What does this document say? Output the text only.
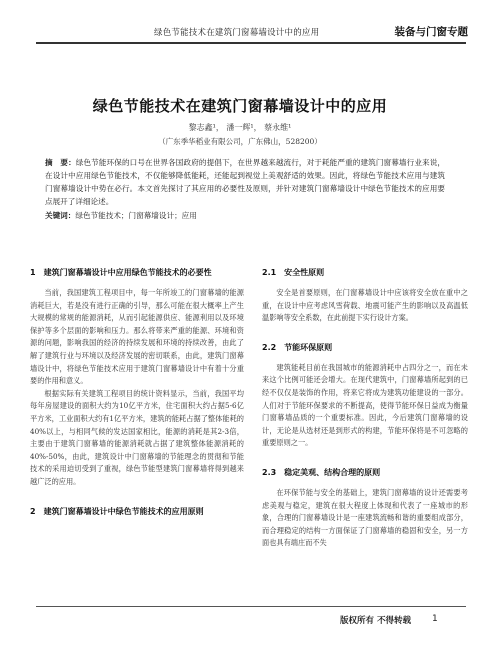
绿色节能技术在建筑门窗幕墙设计中的应用	装备与门窗专题
绿色节能技术在建筑门窗幕墙设计中的应用
黎志鑫¹， 潘一辉¹， 蔡永维¹
（广东季华稻业有限公司，广东佛山，528200）
摘　要：绿色节能环保的口号在世界各国政府的提倡下，在世界越来越流行，对于耗能严重的建筑门窗幕墙行业来说，在设计中应用绿色节能技术，不仅能够降低能耗，还能起到视觉上美观舒适的效果。因此，将绿色节能技术应用与建筑门窗幕墙设计中势在必行。本文首先探讨了其应用的必要性及原则，并针对建筑门窗幕墙设计中绿色节能技术的应用要点展开了详细论述。
关键词：绿色节能技术；门窗幕墙设计；应用
1　建筑门窗幕墙设计中应用绿色节能技术的必要性

当前，我国建筑工程项目中，每一年所竣工的门窗幕墙的能源消耗巨大，若是没有进行正确的引导，那么可能在很大概率上产生大规模的常规的能源消耗，从而引起能源供应、能源利用以及环境保护等多个层面的影响和压力。那么将带来严重的能源、环境和资源的问题，影响我国的经济的持续发展和环境的持续改善，由此了解了建筑行业与环境以及经济发展的密切联系，由此，建筑门窗幕墙设计中，将绿色节能技术应用于建筑门窗幕墙设计中有着十分重要的作用和意义。

根据实际有关建筑工程项目的统计资料显示，当前，我国平均每年房屋建设的面积大约为10亿平方米，住宅面积大约占据5-6亿平方米，工业面积大约有1亿平方米，建筑的能耗占据了整体能耗的40%以上，与相同气候的发达国家相比，能源的消耗是其2-3倍，主要由于建筑门窗幕墙的能源消耗就占据了建筑整体能源消耗的40%-50%，由此，建筑设计中门窗幕墙的节能理念的贯彻和节能技术的采用迫切受到了重视，绿色节能型建筑门窗幕墙将得到越来越广泛的应用。

2　建筑门窗幕墙设计中绿色节能技术的应用原则
2.1　安全性原则

安全是首要原则，在门窗幕墙设计中应该将安全放在重中之重，在设计中应考虑风雪荷载、地震可能产生的影响以及高温低温影响等安全系数，在此前提下实行设计方案。

2.2　节能环保原则

建筑能耗目前在我国城市的能源消耗中占四分之一，而在未来这个比例可能还会增大。在现代建筑中，门窗幕墙所起到的已经不仅仅是装饰的作用，将来它将成为建筑功能建设的一部分。人们对于节能环保要求的不断提高，使得节能环保日益成为衡量门窗幕墙品质的一个重要标准。因此，今后建筑门窗幕墙的设计，无论是从选材还是到形式的构建，节能环保将是不可忽略的重要原则之一。

2.3　稳定美观、结构合理的原则

在环保节能与安全的基础上，建筑门窗幕墙的设计还需要考虑美观与稳定，建筑在很大程度上体现和代表了一座城市的形象，合理的门窗幕墙设计是一座建筑流畅和谐的重要组成部分，而合理稳定的结构一方面保证了门窗幕墙的稳固和安全，另一方面也具有端庄而不失

版权所有 不得转载 1
